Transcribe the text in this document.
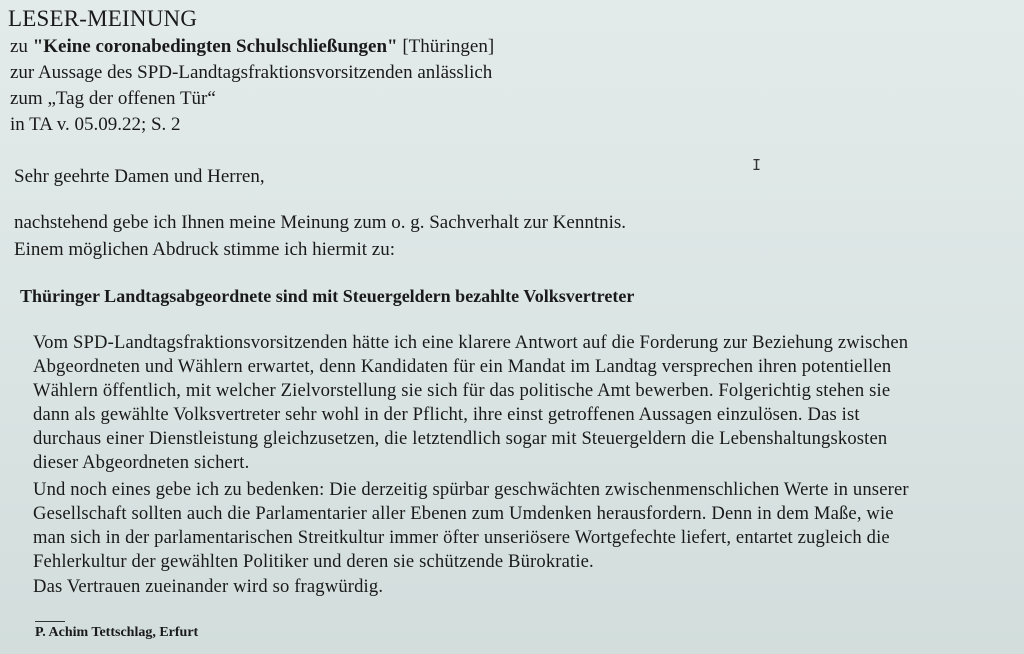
LESER-MEINUNG
zu "Keine coronabedingten Schulschließungen" [Thüringen]
zur Aussage des SPD-Landtagsfraktionsvorsitzenden anlässlich
zum „Tag der offenen Tür“
in TA v. 05.09.22; S. 2
I
Sehr geehrte Damen und Herren,
nachstehend gebe ich Ihnen meine Meinung zum o. g. Sachverhalt zur Kenntnis.
Einem möglichen Abdruck stimme ich hiermit zu:
Thüringer Landtagsabgeordnete sind mit Steuergeldern bezahlte Volksvertreter
Vom SPD-Landtagsfraktionsvorsitzenden hätte ich eine klarere Antwort auf die Forderung zur Beziehung zwischen
Abgeordneten und Wählern erwartet, denn Kandidaten für ein Mandat im Landtag versprechen ihren potentiellen
Wählern öffentlich, mit welcher Zielvorstellung sie sich für das politische Amt bewerben. Folgerichtig stehen sie
dann als gewählte Volksvertreter sehr wohl in der Pflicht, ihre einst getroffenen Aussagen einzulösen. Das ist
durchaus einer Dienstleistung gleichzusetzen, die letztendlich sogar mit Steuergeldern die Lebenshaltungskosten
dieser Abgeordneten sichert.
Und noch eines gebe ich zu bedenken: Die derzeitig spürbar geschwächten zwischenmenschlichen Werte in unserer
Gesellschaft sollten auch die Parlamentarier aller Ebenen zum Umdenken herausfordern. Denn in dem Maße, wie
man sich in der parlamentarischen Streitkultur immer öfter unseriösere Wortgefechte liefert, entartet zugleich die
Fehlerkultur der gewählten Politiker und deren sie schützende Bürokratie.
Das Vertrauen zueinander wird so fragwürdig.
P. Achim Tettschlag, Erfurt
